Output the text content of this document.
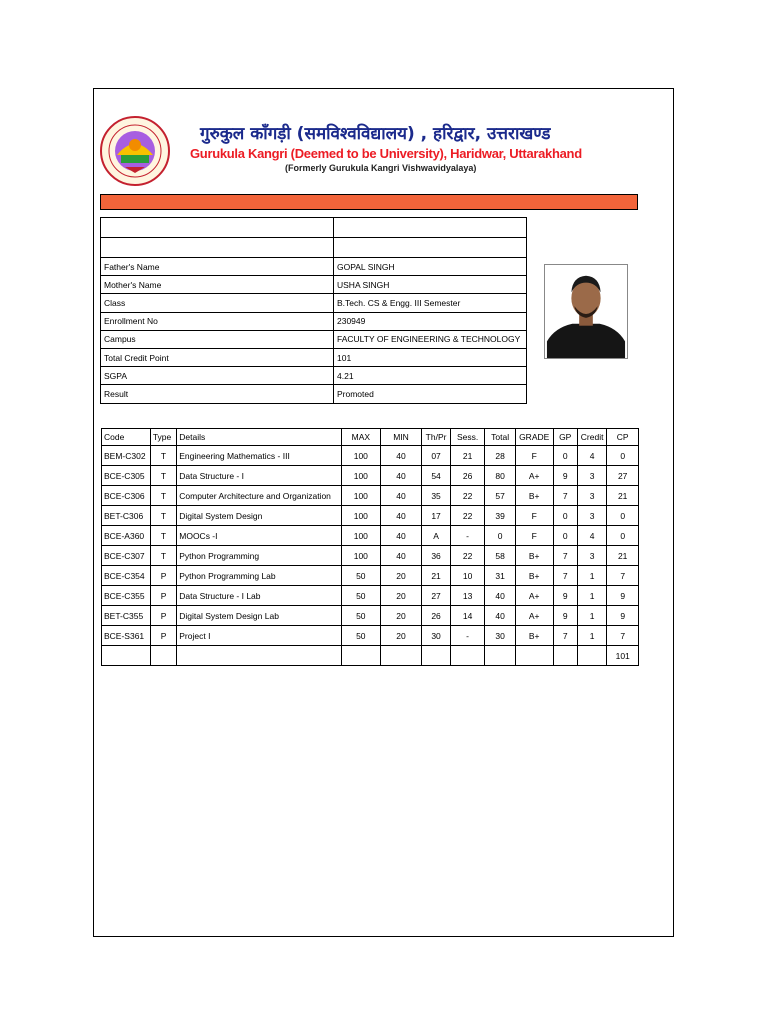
गुरुकुल काँगड़ी (समविश्वविद्यालय) , हरिद्वार, उत्तराखण्ड
Gurukula Kangri (Deemed to be University), Haridwar, Uttarakhand
(Formerly Gurukula Kangri Vishwavidyalaya)

Father's Name	GOPAL SINGH
Mother's Name	USHA SINGH
Class	B.Tech. CS & Engg. III Semester
Enrollment No	230949
Campus	FACULTY OF ENGINEERING & TECHNOLOGY
Total Credit Point	101
SGPA	4.21
Result	Promoted
Code	Type	Details	MAX	MIN	Th/Pr	Sess.	Total	GRADE	GP	Credit	CP
BEM-C302	T	Engineering Mathematics - III	100	40	07	21	28	F	0	4	0
BCE-C305	T	Data Structure - I	100	40	54	26	80	A+	9	3	27
BCE-C306	T	Computer Architecture and Organization	100	40	35	22	57	B+	7	3	21
BET-C306	T	Digital System Design	100	40	17	22	39	F	0	3	0
BCE-A360	T	MOOCs -I	100	40	A	-	0	F	0	4	0
BCE-C307	T	Python Programming	100	40	36	22	58	B+	7	3	21
BCE-C354	P	Python Programming Lab	50	20	21	10	31	B+	7	1	7
BCE-C355	P	Data Structure - I Lab	50	20	27	13	40	A+	9	1	9
BET-C355	P	Digital System Design Lab	50	20	26	14	40	A+	9	1	9
BCE-S361	P	Project I	50	20	30	-	30	B+	7	1	7
											101
